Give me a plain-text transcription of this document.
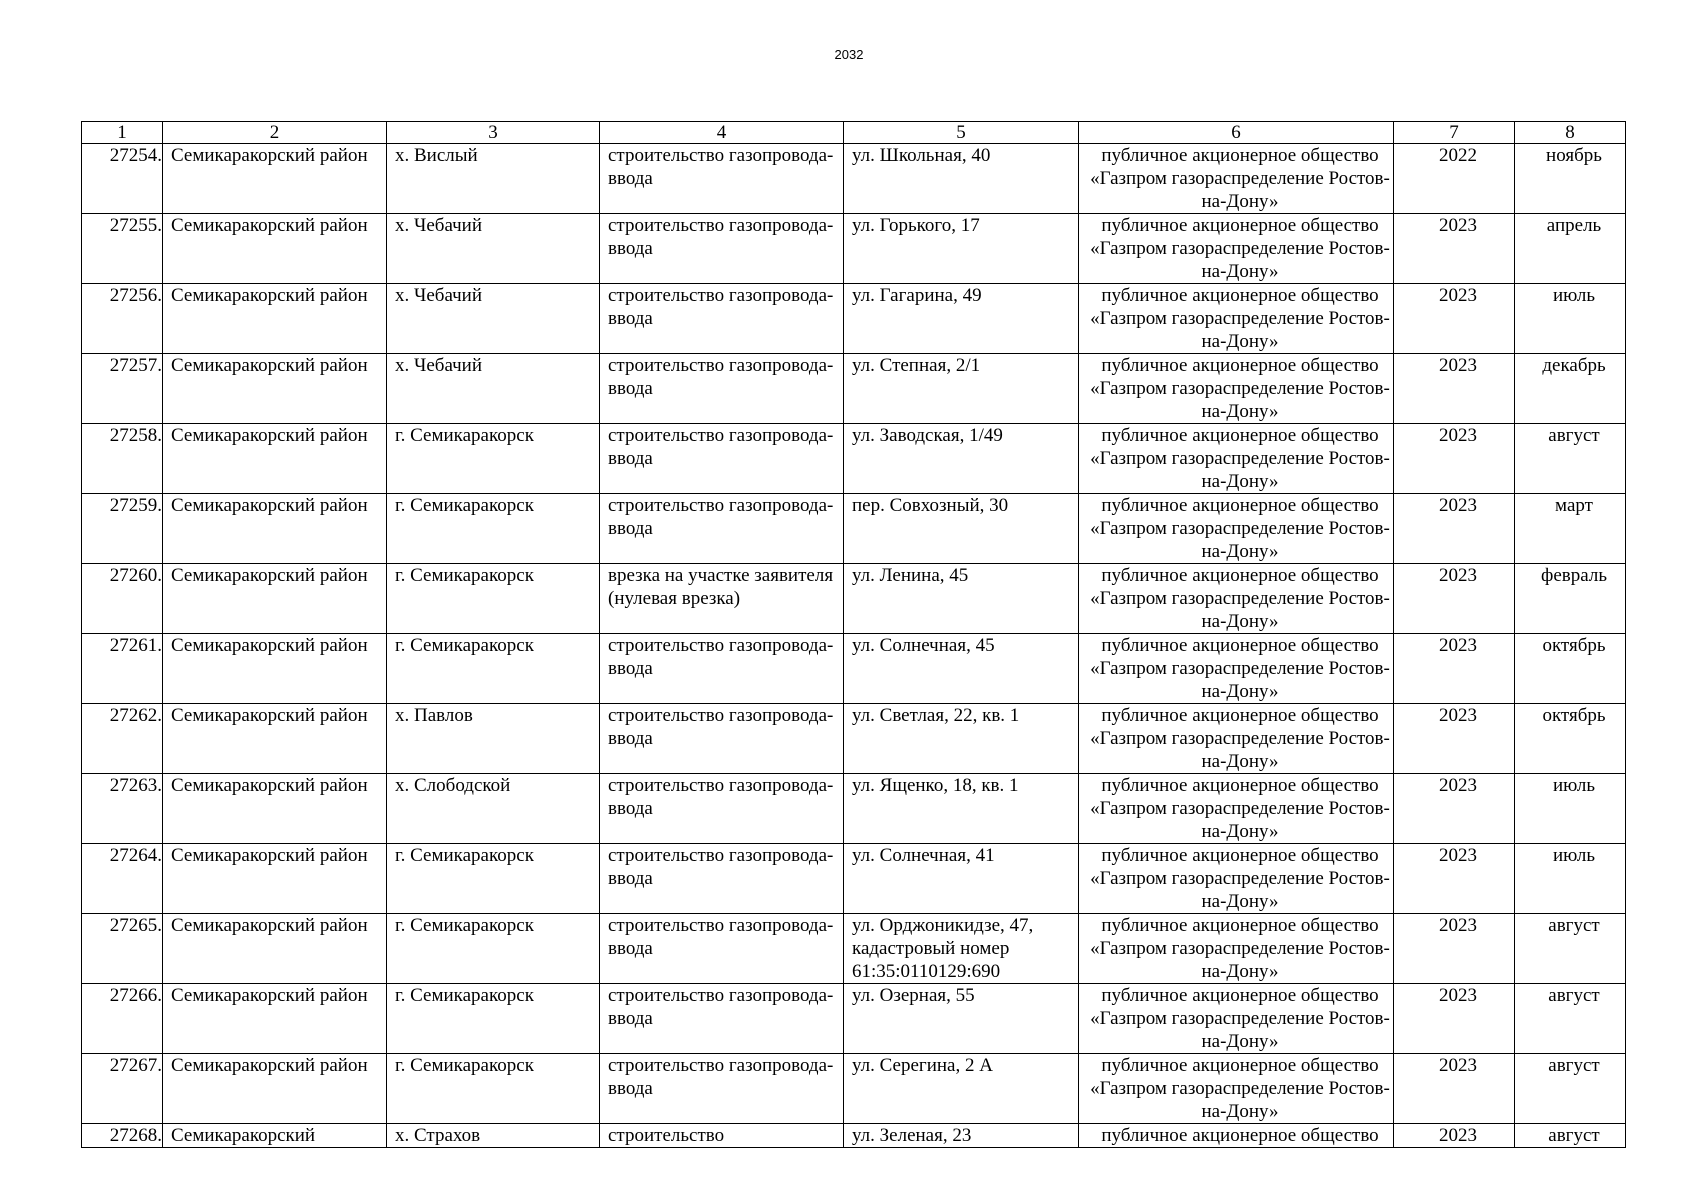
2032
1	2	3	4	5	6	7	8
27254.	Семикаракорский район	х. Вислый	строительство газопровода-ввода	ул. Школьная, 40	публичное акционерное общество «Газпром газораспределение Ростов-на-Дону»	2022	ноябрь
27255.	Семикаракорский район	х. Чебачий	строительство газопровода-ввода	ул. Горького, 17	публичное акционерное общество «Газпром газораспределение Ростов-на-Дону»	2023	апрель
27256.	Семикаракорский район	х. Чебачий	строительство газопровода-ввода	ул. Гагарина, 49	публичное акционерное общество «Газпром газораспределение Ростов-на-Дону»	2023	июль
27257.	Семикаракорский район	х. Чебачий	строительство газопровода-ввода	ул. Степная, 2/1	публичное акционерное общество «Газпром газораспределение Ростов-на-Дону»	2023	декабрь
27258.	Семикаракорский район	г. Семикаракорск	строительство газопровода-ввода	ул. Заводская, 1/49	публичное акционерное общество «Газпром газораспределение Ростов-на-Дону»	2023	август
27259.	Семикаракорский район	г. Семикаракорск	строительство газопровода-ввода	пер. Совхозный, 30	публичное акционерное общество «Газпром газораспределение Ростов-на-Дону»	2023	март
27260.	Семикаракорский район	г. Семикаракорск	врезка на участке заявителя (нулевая врезка)	ул. Ленина, 45	публичное акционерное общество «Газпром газораспределение Ростов-на-Дону»	2023	февраль
27261.	Семикаракорский район	г. Семикаракорск	строительство газопровода-ввода	ул. Солнечная, 45	публичное акционерное общество «Газпром газораспределение Ростов-на-Дону»	2023	октябрь
27262.	Семикаракорский район	х. Павлов	строительство газопровода-ввода	ул. Светлая, 22, кв. 1	публичное акционерное общество «Газпром газораспределение Ростов-на-Дону»	2023	октябрь
27263.	Семикаракорский район	х. Слободской	строительство газопровода-ввода	ул. Ященко, 18, кв. 1	публичное акционерное общество «Газпром газораспределение Ростов-на-Дону»	2023	июль
27264.	Семикаракорский район	г. Семикаракорск	строительство газопровода-ввода	ул. Солнечная, 41	публичное акционерное общество «Газпром газораспределение Ростов-на-Дону»	2023	июль
27265.	Семикаракорский район	г. Семикаракорск	строительство газопровода-ввода	ул. Орджоникидзе, 47, кадастровый номер 61:35:0110129:690	публичное акционерное общество «Газпром газораспределение Ростов-на-Дону»	2023	август
27266.	Семикаракорский район	г. Семикаракорск	строительство газопровода-ввода	ул. Озерная, 55	публичное акционерное общество «Газпром газораспределение Ростов-на-Дону»	2023	август
27267.	Семикаракорский район	г. Семикаракорск	строительство газопровода-ввода	ул. Серегина, 2 А	публичное акционерное общество «Газпром газораспределение Ростов-на-Дону»	2023	август
27268.	Семикаракорский	х. Страхов	строительство	ул. Зеленая, 23	публичное акционерное общество	2023	август
